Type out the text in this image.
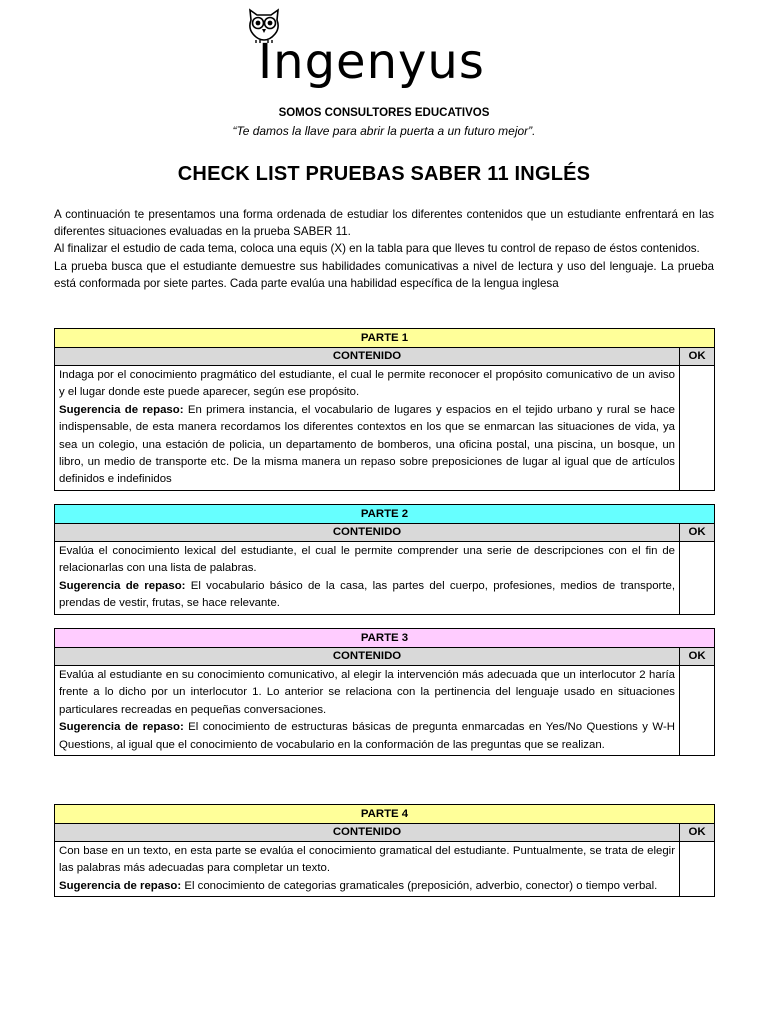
Ingenyus
SOMOS CONSULTORES EDUCATIVOS
“Te damos la llave para abrir la puerta a un futuro mejor”.
CHECK LIST PRUEBAS SABER 11 INGLÉS

A continuación te presentamos una forma ordenada de estudiar los diferentes contenidos que un estudiante enfrentará en las diferentes situaciones evaluadas en la prueba SABER 11.

Al finalizar el estudio de cada tema, coloca una equis (X) en la tabla para que lleves tu control de repaso de éstos contenidos.

La prueba busca que el estudiante demuestre sus habilidades comunicativas a nivel de lectura y uso del lenguaje. La prueba está conformada por siete partes. Cada parte evalúa una habilidad específica de la lengua inglesa

PARTE 1	
CONTENIDO	OK
Indaga por el conocimiento pragmático del estudiante, el cual le permite reconocer el propósito comunicativo de un aviso y el lugar donde este puede aparecer, según ese propósito.
Sugerencia de repaso: En primera instancia, el vocabulario de lugares y espacios en el tejido urbano y rural se hace indispensable, de esta manera recordamos los diferentes contextos en los que se enmarcan las situaciones de vida, ya sea un colegio, una estación de policia, un departamento de bomberos, una oficina postal, una piscina, un bosque, un libro, un medio de transporte etc. De la misma manera un repaso sobre preposiciones de lugar al igual que de artículos definidos e indefinidos	
PARTE 2	
CONTENIDO	OK
Evalúa el conocimiento lexical del estudiante, el cual le permite comprender una serie de descripciones con el fin de relacionarlas con una lista de palabras.
Sugerencia de repaso: El vocabulario básico de la casa, las partes del cuerpo, profesiones, medios de transporte, prendas de vestir, frutas, se hace relevante.	
PARTE 3	
CONTENIDO	OK
Evalúa al estudiante en su conocimiento comunicativo, al elegir la intervención más adecuada que un interlocutor 2 haría frente a lo dicho por un interlocutor 1. Lo anterior se relaciona con la pertinencia del lenguaje usado en situaciones particulares recreadas en pequeñas conversaciones.
Sugerencia de repaso: El conocimiento de estructuras básicas de pregunta enmarcadas en Yes/No Questions y W-H Questions, al igual que el conocimiento de vocabulario en la conformación de las preguntas que se realizan.	
PARTE 4	
CONTENIDO	OK
Con base en un texto, en esta parte se evalúa el conocimiento gramatical del estudiante. Puntualmente, se trata de elegir las palabras más adecuadas para completar un texto.
Sugerencia de repaso: El conocimiento de categorias gramaticales (preposición, adverbio, conector) o tiempo verbal.	
